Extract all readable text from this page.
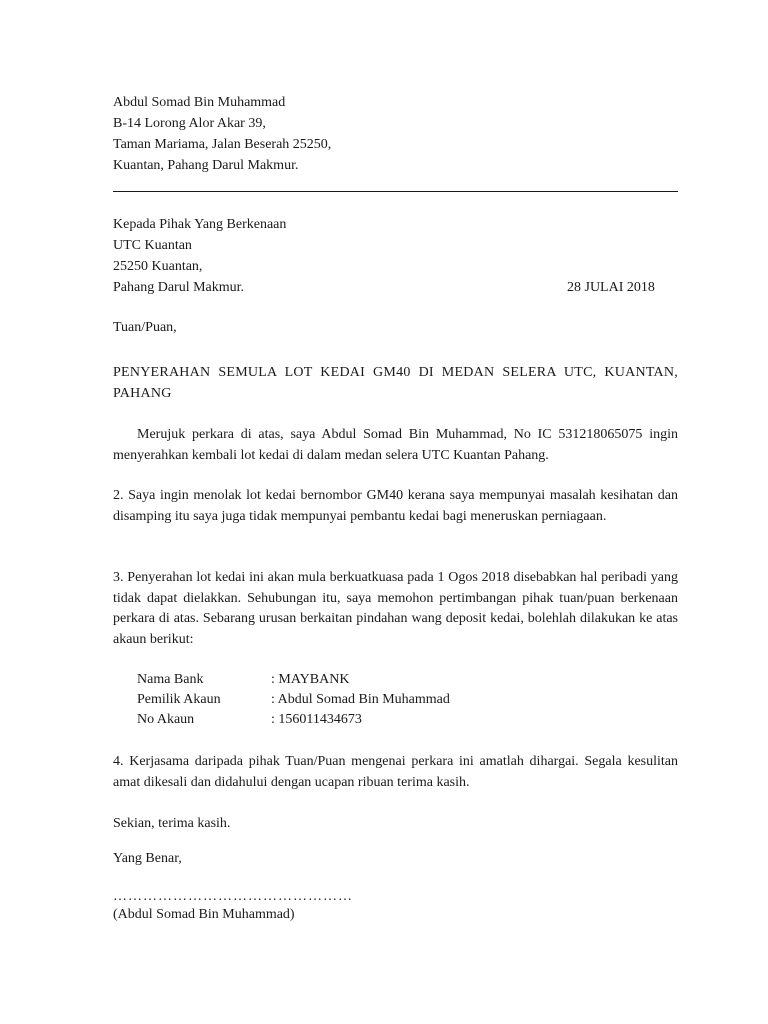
Abdul Somad Bin Muhammad
B-14 Lorong Alor Akar 39,
Taman Mariama, Jalan Beserah 25250,
Kuantan, Pahang Darul Makmur.
Kepada Pihak Yang Berkenaan
UTC Kuantan
25250 Kuantan,
Pahang Darul Makmur.	28 JULAI 2018
Tuan/Puan,
PENYERAHAN SEMULA LOT KEDAI GM40 DI MEDAN SELERA UTC, KUANTAN, PAHANG
Merujuk perkara di atas, saya Abdul Somad Bin Muhammad, No IC 531218065075 ingin menyerahkan kembali lot kedai di dalam medan selera UTC Kuantan Pahang.
2. Saya ingin menolak lot kedai bernombor GM40 kerana saya mempunyai masalah kesihatan dan disamping itu saya juga tidak mempunyai pembantu kedai bagi meneruskan perniagaan.
3. Penyerahan lot kedai ini akan mula berkuatkuasa pada 1 Ogos 2018 disebabkan hal peribadi yang tidak dapat dielakkan. Sehubungan itu, saya memohon pertimbangan pihak tuan/puan berkenaan perkara di atas. Sebarang urusan berkaitan pindahan wang deposit kedai, bolehlah dilakukan ke atas akaun berikut:
Nama Bank	: MAYBANK
Pemilik Akaun	: Abdul Somad Bin Muhammad
No Akaun	: 156011434673
4. Kerjasama daripada pihak Tuan/Puan mengenai perkara ini amatlah dihargai. Segala kesulitan amat dikesali dan didahului dengan ucapan ribuan terima kasih.
Sekian, terima kasih.
Yang Benar,
…………………………………………
(Abdul Somad Bin Muhammad)
